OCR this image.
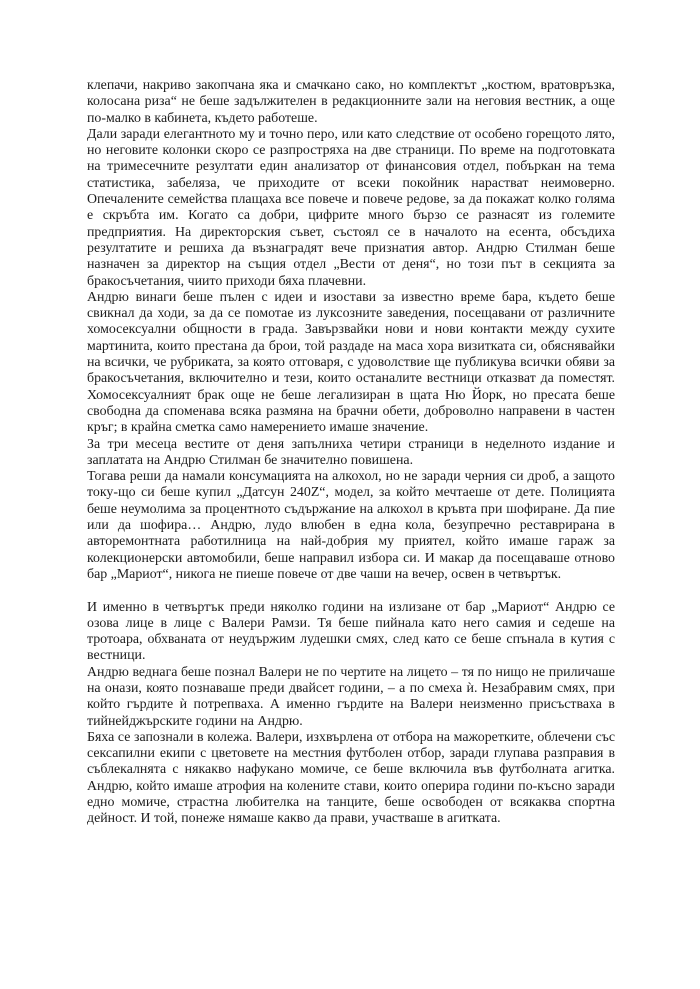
клепачи, накриво закопчана яка и смачкано сако, но комплектът „костюм, вратовръзка, колосана риза“ не беше задължителен в редакционните зали на неговия вестник, а още по-малко в кабинета, където работеше.

Дали заради елегантното му и точно перо, или като следствие от особено горещото лято, но неговите колонки скоро се разпростряха на две страници. По време на подготовката на тримесечните резултати един анализатор от финансовия отдел, побъркан на тема статистика, забеляза, че приходите от всеки покойник нарастват неимоверно. Опечалените семейства плащаха все повече и повече редове, за да покажат колко голяма е скръбта им. Когато са добри, цифрите много бързо се разнасят из големите предприятия. На директорския съвет, състоял се в началото на есента, обсъдиха резултатите и решиха да възнаградят вече признатия автор. Андрю Стилман беше назначен за директор на същия отдел „Вести от деня“, но този път в секцията за бракосъчетания, чиито приходи бяха плачевни.

Андрю винаги беше пълен с идеи и изостави за известно време бара, където беше свикнал да ходи, за да се помотае из луксозните заведения, посещавани от различните хомосексуални общности в града. Завързвайки нови и нови контакти между сухите мартинита, които престана да брои, той раздаде на маса хора визитката си, обяснявайки на всички, че рубриката, за която отговаря, с удоволствие ще публикува всички обяви за бракосъчетания, включително и тези, които останалите вестници отказват да поместят. Хомосексуалният брак още не беше легализиран в щата Ню Йорк, но пресата беше свободна да споменава всяка размяна на брачни обети, доброволно направени в частен кръг; в крайна сметка само намерението имаше значение.

За три месеца вестите от деня запълниха четири страници в неделното издание и заплатата на Андрю Стилман бе значително повишена.

Тогава реши да намали консумацията на алкохол, но не заради черния си дроб, а защото току-що си беше купил „Датсун 240Z“, модел, за който мечтаеше от дете. Полицията беше неумолима за процентното съдържание на алкохол в кръвта при шофиране. Да пие или да шофира… Андрю, лудо влюбен в една кола, безупречно реставрирана в авторемонтната работилница на най-добрия му приятел, който имаше гараж за колекционерски автомобили, беше направил избора си. И макар да посещаваше отново бар „Мариот“, никога не пиеше повече от две чаши на вечер, освен в четвъртък.

И именно в четвъртък преди няколко години на излизане от бар „Мариот“ Андрю се озова лице в лице с Валери Рамзи. Тя беше пийнала като него самия и седеше на тротоара, обхваната от неудържим лудешки смях, след като се беше спънала в кутия с вестници.

Андрю веднага беше познал Валери не по чертите на лицето – тя по нищо не приличаше на онази, която познаваше преди двайсет години, – а по смеха ѝ. Незабравим смях, при който гърдите ѝ потрепваха. А именно гърдите на Валери неизменно присъстваха в тийнейджърските години на Андрю.

Бяха се запознали в колежа. Валери, изхвърлена от отбора на мажоретките, облечени със сексапилни екипи с цветовете на местния футболен отбор, заради глупава разправия в съблекалнята с някакво нафукано момиче, се беше включила във футболната агитка. Андрю, който имаше атрофия на колените стави, които оперира години по-късно заради едно момиче, страстна любителка на танците, беше освободен от всякаква спортна дейност. И той, понеже нямаше какво да прави, участваше в агитката.
